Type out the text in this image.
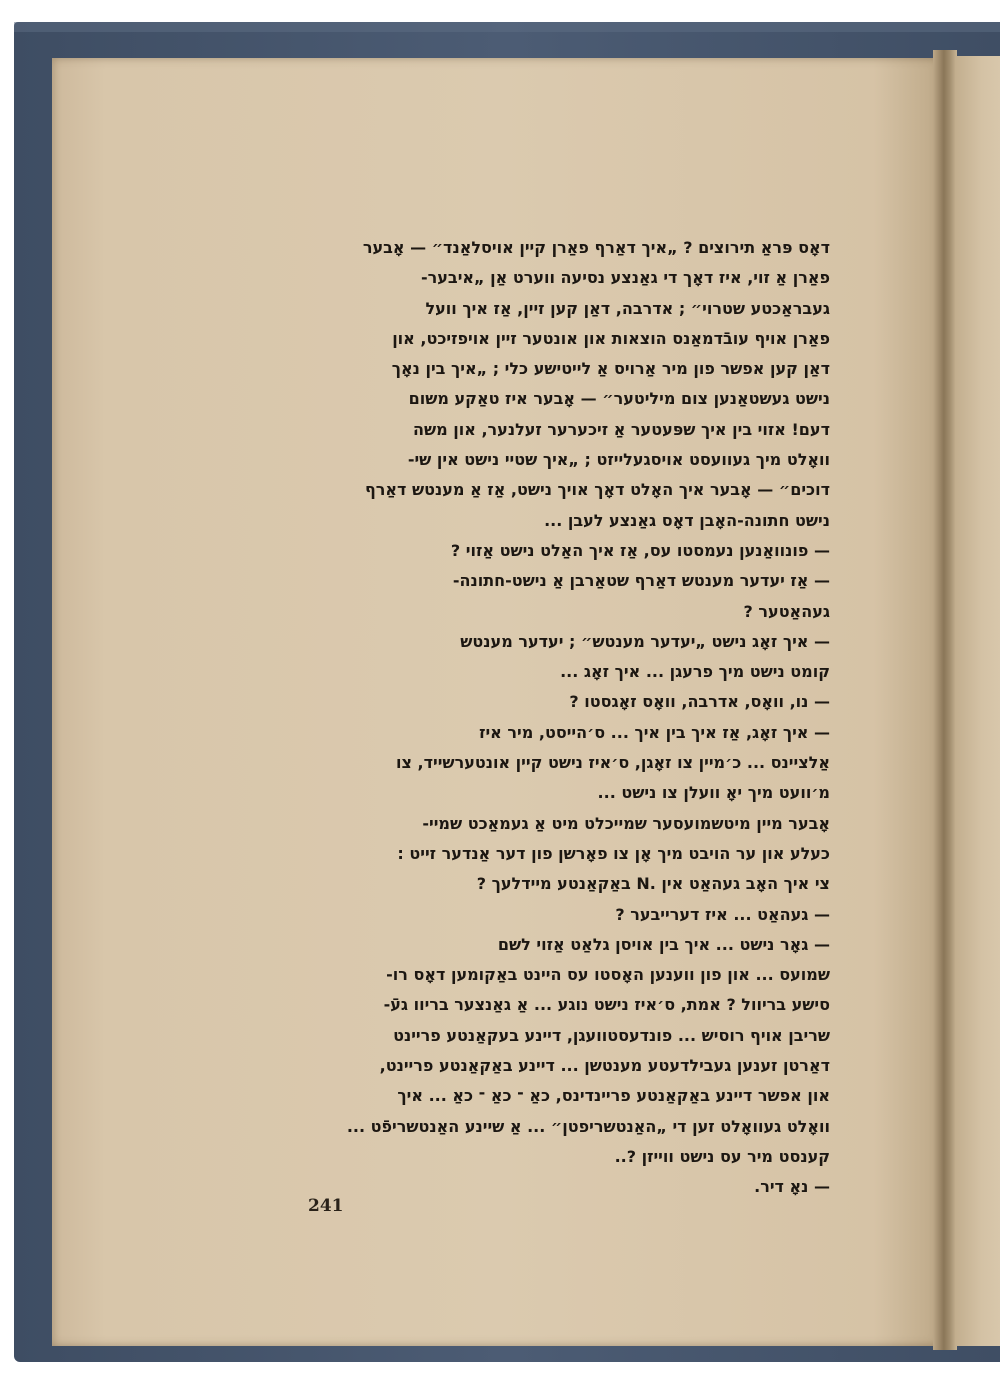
דאָס פּראַ תירוצים ? „איך דאַרף פאַרן קיין אויסלאַנד״ — אָבער
פאַרן אַ זוי, איז דאָך די גאַנצע נסיעה ווערט אַן „איבער-
געבראַכטע שטרוי״ ; אדרבה, דאַן קען זיין, אַז איך וועל
פאַרן אויף עובֿדמאַנס הוצאות און אונטער זיין אויפזיכט, און
דאַן קען אפשר פון מיר אַרויס אַ לייטישע כלי ; „איך בין נאָך
נישט געשטאַנען צום מיליטער״ — אָבער איז טאַקע משום
דעם! אזוי בין איך שפּעטער אַ זיכערער זעלנער, און משה
וואָלט מיך געוועסט אויסגעלייזט ; „איך שטיי נישט אין שי-
דוכים״ — אָבער איך האָלט דאָך אויך נישט, אַז אַ מענטש דאַרף
נישט חתונה-האָבן דאָס גאַנצע לעבן ...
— פונוואַנען נעמסטו עס, אַז איך האַלט נישט אַזוי ?
— אַז יעדער מענטש דאַרף שטאַרבן אַ נישט-חתונה-
געהאַטער ?
— איך זאָג נישט „יעדער מענטש״ ; יעדער מענטש
קומט נישט מיך פרעגן ... איך זאָג ...
— נו, וואָס, אדרבה, וואָס זאָגסטו ?
— איך זאָג, אַז איך בין איך ... ס׳הייסט, מיר איז
אַלציינס ... כ׳מיין צו זאָגן, ס׳איז נישט קיין אונטערשייד, צו
מ׳וועט מיך יאָ וועלן צו נישט ...
אָבער מיין מיטשמועסער שמייכלט מיט אַ געמאַכט שמיי-
כעלע און ער הויבט מיך אָן צו פאָרשן פון דער אַנדער זייט :
צי איך האָב געהאַט אין .N באַקאַנטע מיידלעך ?
— געהאַט ... איז דערייבער ?
— גאָר נישט ... איך בין אויסן גלאַט אַזוי לשם
שמועס ... און פון ווענען האָסטו עס היינט באַקומען דאָס רו-
סישע בריוול ? אמת, ס׳איז נישט נוגע ... אַ גאַנצער בריוו געֿ-
שריבן אויף רוסיש ... פונדעסטוועגן, דיינע בעקאַנטע פריינט
דאַרטן זענען געבילדעטע מענטשן ... דיינע באַקאַנטע פריינט,
און אפשר דיינע באַקאַנטע פריינדינס, כאַ ־ כאַ ־ כאַ ... איך
וואָלט געוואָלט זען די „האַנטשריפטן״ ... אַ שיינע האַנטשריפֿט ...
קענסט מיר עס נישט ווייזן ?..
— נאָ דיר.
241
